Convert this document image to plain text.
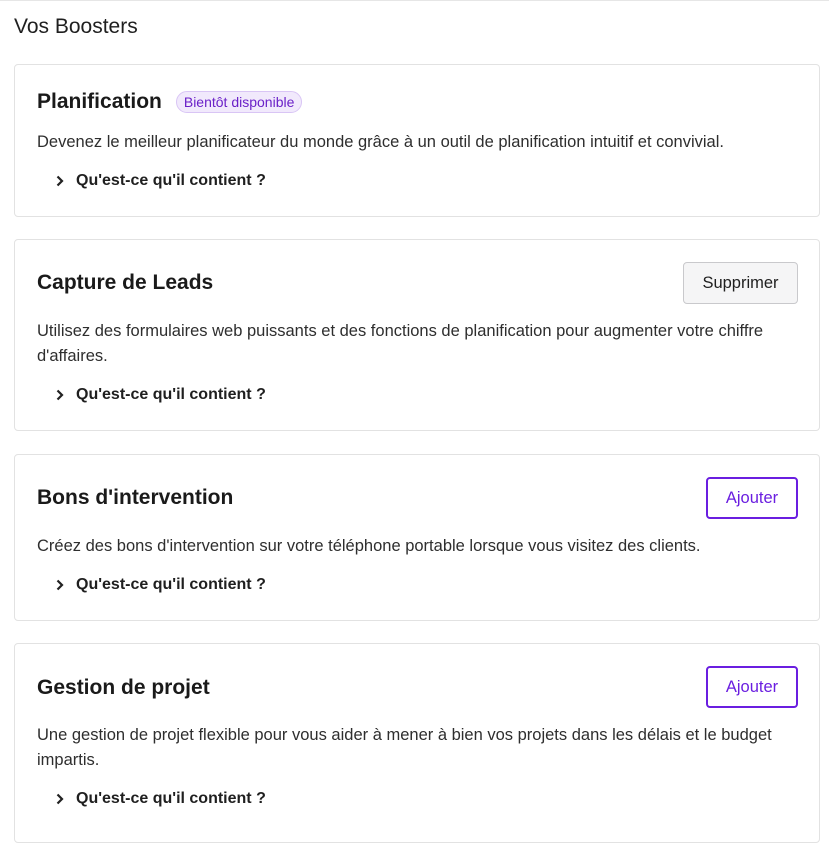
Vos Boosters
Planification	Bientôt disponible

Devenez le meilleur planificateur du monde grâce à un outil de planification intuitif et convivial.

Qu'est-ce qu'il contient ?
Capture de Leads	Supprimer

Utilisez des formulaires web puissants et des fonctions de planification pour augmenter votre chiffre d'affaires.

Qu'est-ce qu'il contient ?
Bons d'intervention	Ajouter

Créez des bons d'intervention sur votre téléphone portable lorsque vous visitez des clients.

Qu'est-ce qu'il contient ?
Gestion de projet	Ajouter

Une gestion de projet flexible pour vous aider à mener à bien vos projets dans les délais et le budget impartis.

Qu'est-ce qu'il contient ?
